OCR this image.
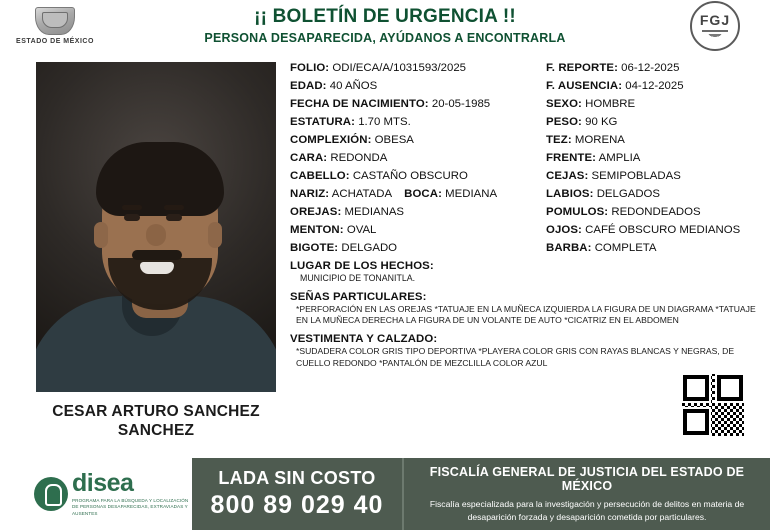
ESTADO DE MÉXICO
¡¡ BOLETÍN DE URGENCIA !!
PERSONA DESAPARECIDA, AYÚDANOS A ENCONTRARLA
FGJ
CESAR ARTURO SANCHEZ
SANCHEZ
FOLIO: ODI/ECA/A/1031593/2025	F. REPORTE: 06-12-2025
EDAD: 40 AÑOS	F. AUSENCIA: 04-12-2025
FECHA DE NACIMIENTO: 20-05-1985	SEXO: HOMBRE
ESTATURA: 1.70 MTS.	PESO: 90 KG
COMPLEXIÓN: OBESA	TEZ: MORENA
CARA: REDONDA	FRENTE: AMPLIA
CABELLO: CASTAÑO OBSCURO	CEJAS: SEMIPOBLADAS
NARIZ: ACHATADA BOCA: MEDIANA	LABIOS: DELGADOS
OREJAS: MEDIANAS	POMULOS: REDONDEADOS
MENTON: OVAL	OJOS: CAFÉ OBSCURO MEDIANOS
BIGOTE: DELGADO	BARBA: COMPLETA
LUGAR DE LOS HECHOS:
MUNICIPIO DE TONANITLA.
SEÑAS PARTICULARES:
*PERFORACIÓN EN LAS OREJAS *TATUAJE EN LA MUÑECA IZQUIERDA LA FIGURA DE UN DIAGRAMA *TATUAJE EN LA MUÑECA DERECHA LA FIGURA DE UN VOLANTE DE AUTO *CICATRIZ EN EL ABDOMEN
VESTIMENTA Y CALZADO:
*SUDADERA COLOR GRIS TIPO DEPORTIVA *PLAYERA COLOR GRIS CON RAYAS BLANCAS Y NEGRAS, DE CUELLO REDONDO *PANTALÓN DE MEZCLILLA COLOR AZUL
disea
PROGRAMA PARA LA BÚSQUEDA Y LOCALIZACIÓN DE PERSONAS DESAPARECIDAS, EXTRAVIADAS Y AUSENTES
LADA SIN COSTO
800 89 029 40
FISCALÍA GENERAL DE JUSTICIA DEL ESTADO DE MÉXICO
Fiscalía especializada para la investigación y persecución de delitos en materia de desaparición forzada y desaparición cometida por particulares.
